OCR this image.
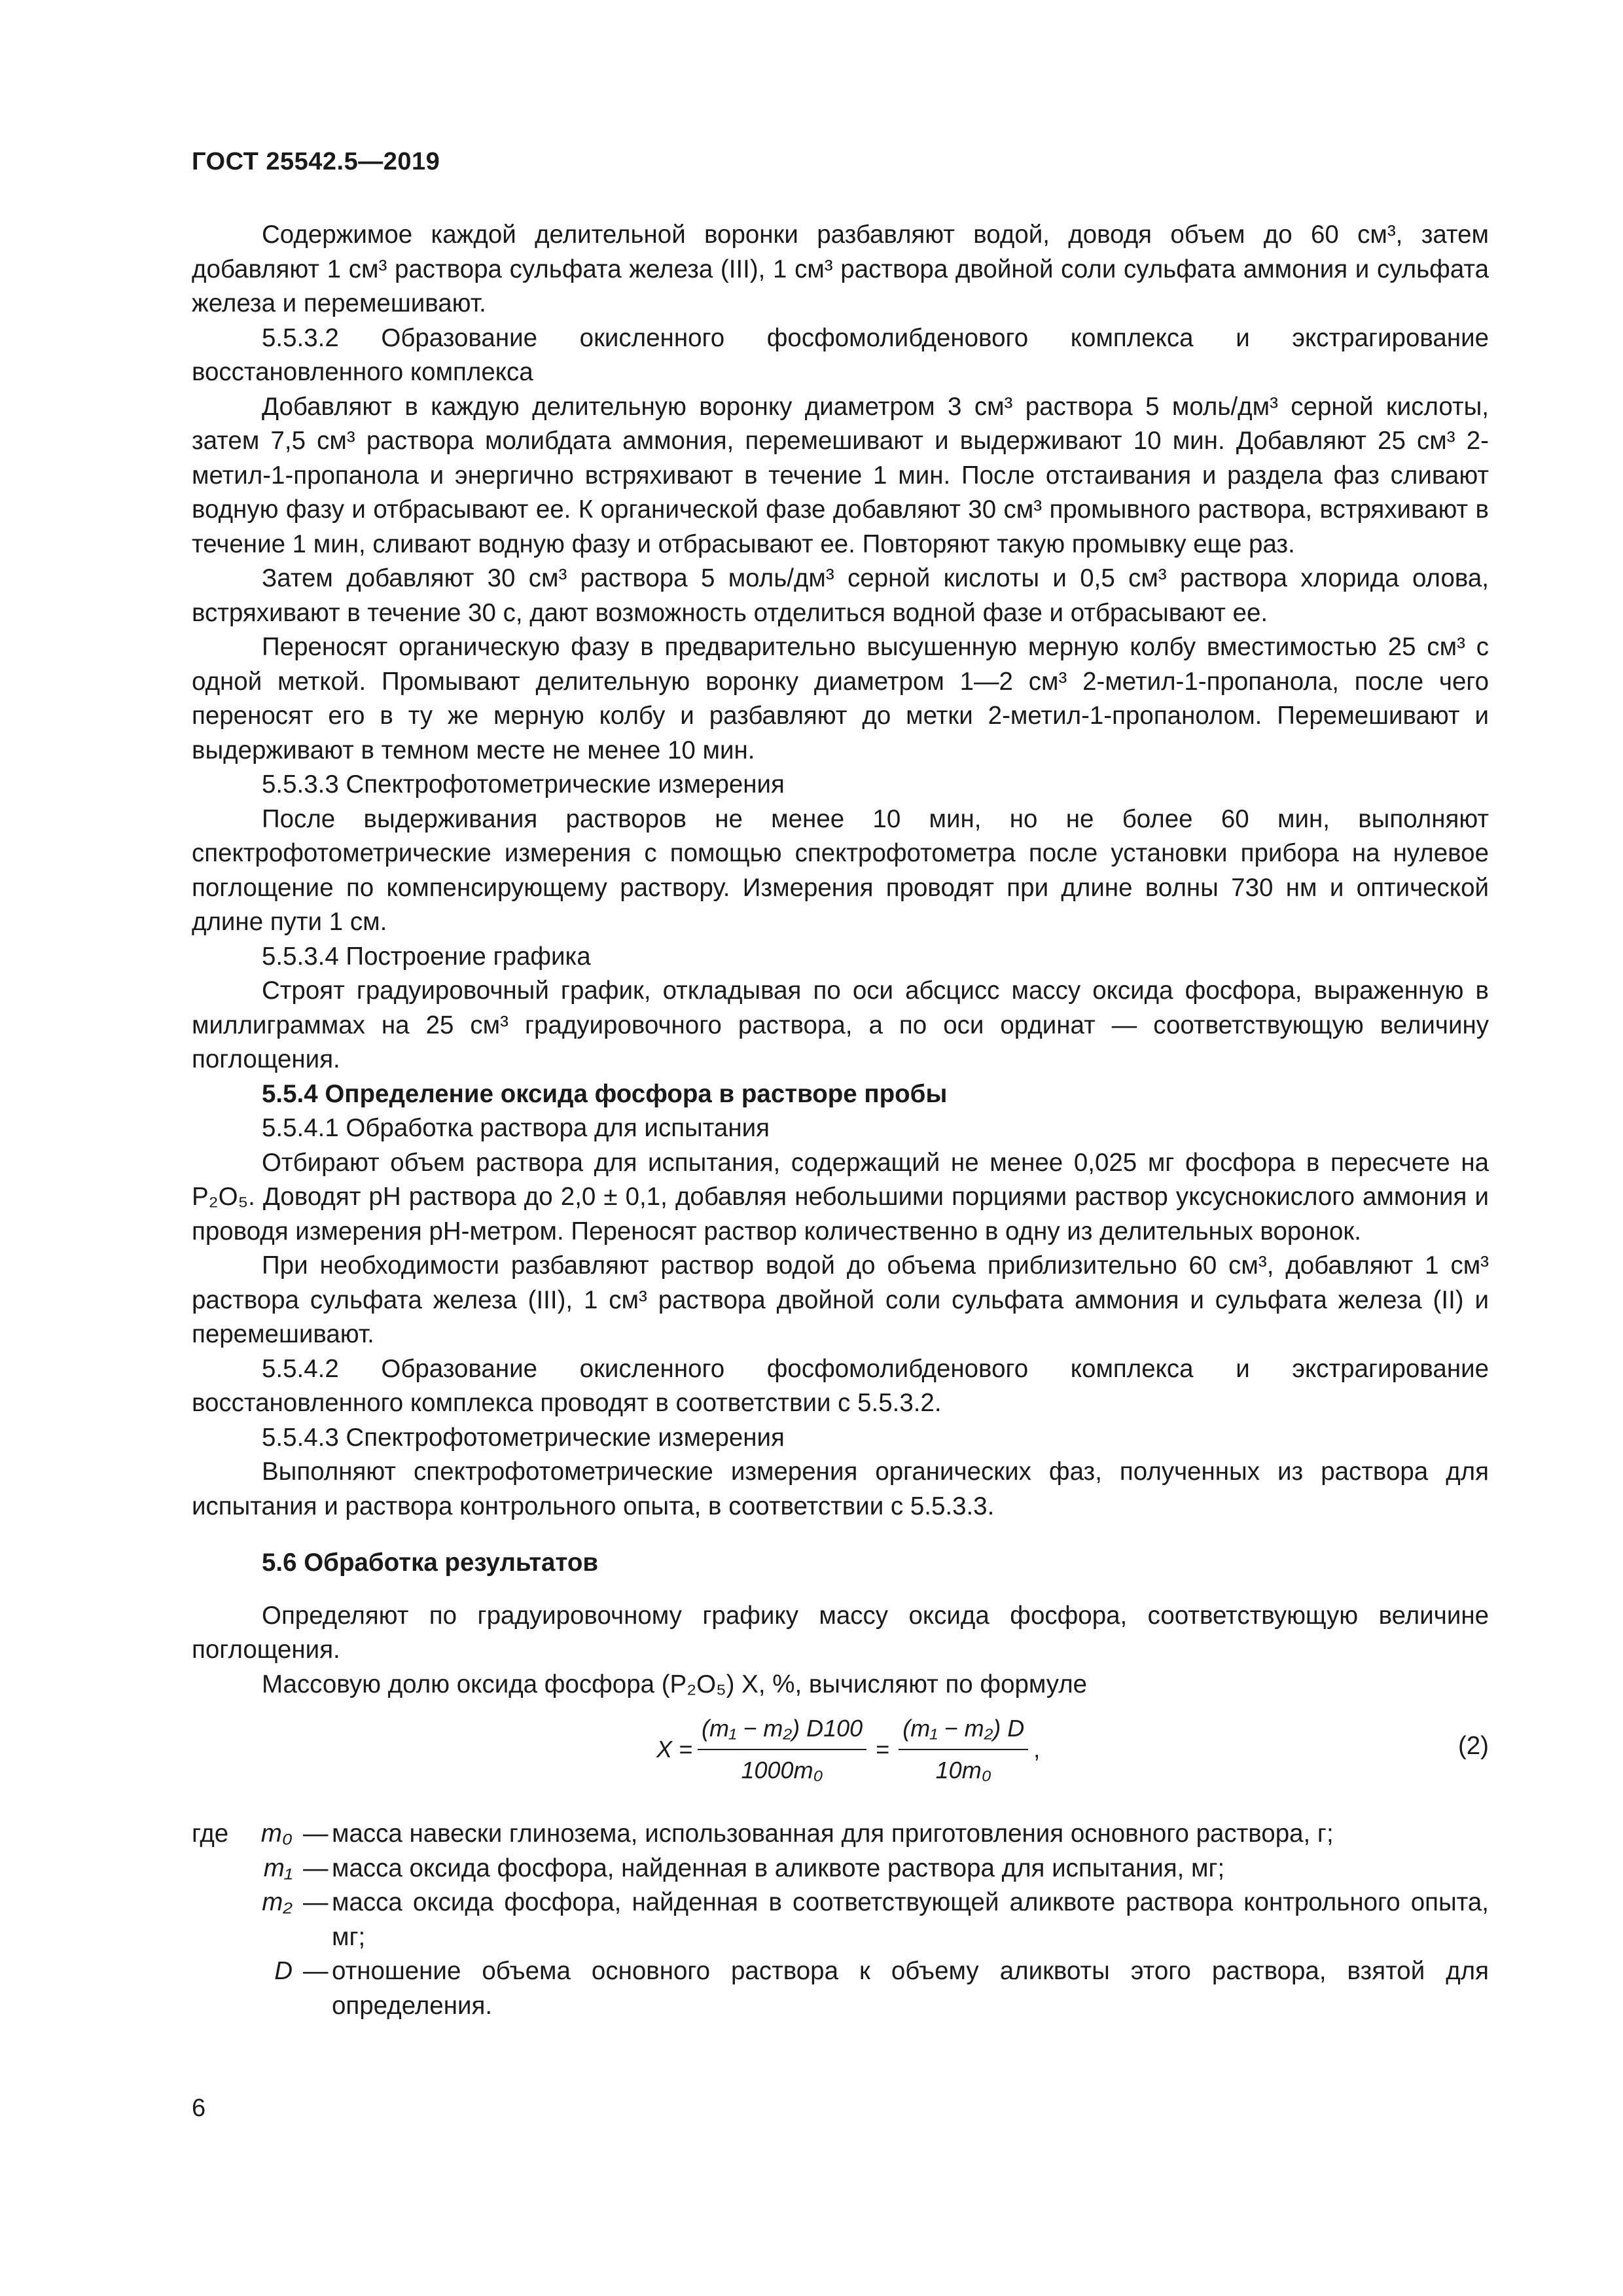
ГОСТ 25542.5—2019

Содержимое каждой делительной воронки разбавляют водой, доводя объем до 60 см³, затем добавляют 1 см³ раствора сульфата железа (III), 1 см³ раствора двойной соли сульфата аммония и сульфата железа и перемешивают.

5.5.3.2 Образование окисленного фосфомолибденового комплекса и экстрагирование восстановленного комплекса

Добавляют в каждую делительную воронку диаметром 3 см³ раствора 5 моль/дм³ серной кислоты, затем 7,5 см³ раствора молибдата аммония, перемешивают и выдерживают 10 мин. Добавляют 25 см³ 2-метил-1-пропанола и энергично встряхивают в течение 1 мин. После отстаивания и раздела фаз сливают водную фазу и отбрасывают ее. К органической фазе добавляют 30 см³ промывного раствора, встряхивают в течение 1 мин, сливают водную фазу и отбрасывают ее. Повторяют такую промывку еще раз.

Затем добавляют 30 см³ раствора 5 моль/дм³ серной кислоты и 0,5 см³ раствора хлорида олова, встряхивают в течение 30 с, дают возможность отделиться водной фазе и отбрасывают ее.

Переносят органическую фазу в предварительно высушенную мерную колбу вместимостью 25 см³ с одной меткой. Промывают делительную воронку диаметром 1—2 см³ 2-метил-1-пропанола, после чего переносят его в ту же мерную колбу и разбавляют до метки 2-метил-1-пропанолом. Перемешивают и выдерживают в темном месте не менее 10 мин.

5.5.3.3 Спектрофотометрические измерения

После выдерживания растворов не менее 10 мин, но не более 60 мин, выполняют спектрофотометрические измерения с помощью спектрофотометра после установки прибора на нулевое поглощение по компенсирующему раствору. Измерения проводят при длине волны 730 нм и оптической длине пути 1 см.

5.5.3.4 Построение графика

Строят градуировочный график, откладывая по оси абсцисс массу оксида фосфора, выраженную в миллиграммах на 25 см³ градуировочного раствора, а по оси ординат — соответствующую величину поглощения.

5.5.4 Определение оксида фосфора в растворе пробы

5.5.4.1 Обработка раствора для испытания

Отбирают объем раствора для испытания, содержащий не менее 0,025 мг фосфора в пересчете на P₂O₅. Доводят pH раствора до 2,0 ± 0,1, добавляя небольшими порциями раствор уксуснокислого аммония и проводя измерения pH-метром. Переносят раствор количественно в одну из делительных воронок.

При необходимости разбавляют раствор водой до объема приблизительно 60 см³, добавляют 1 см³ раствора сульфата железа (III), 1 см³ раствора двойной соли сульфата аммония и сульфата железа (II) и перемешивают.

5.5.4.2 Образование окисленного фосфомолибденового комплекса и экстрагирование восстановленного комплекса проводят в соответствии с 5.5.3.2.

5.5.4.3 Спектрофотометрические измерения

Выполняют спектрофотометрические измерения органических фаз, полученных из раствора для испытания и раствора контрольного опыта, в соответствии с 5.5.3.3.

5.6 Обработка результатов

Определяют по градуировочному графику массу оксида фосфора, соответствующую величине поглощения.

Массовую долю оксида фосфора (P₂O₅) X, %, вычисляют по формуле

$X = \frac{\text{(m₁ − m₂) D100}}{\text{1000m₀}} = \frac{\text{(m₁ − m₂) D}}{\text{10m₀}}$ ,	(2)
где	m₀ — масса навески глинозема, использованная для приготовления основного раствора, г;
m₁ — масса оксида фосфора, найденная в аликвоте раствора для испытания, мг;
m₂ — масса оксида фосфора, найденная в соответствующей аликвоте раствора контрольного опыта, мг;
D — отношение объема основного раствора к объему аликвоты этого раствора, взятой для определения.
6
